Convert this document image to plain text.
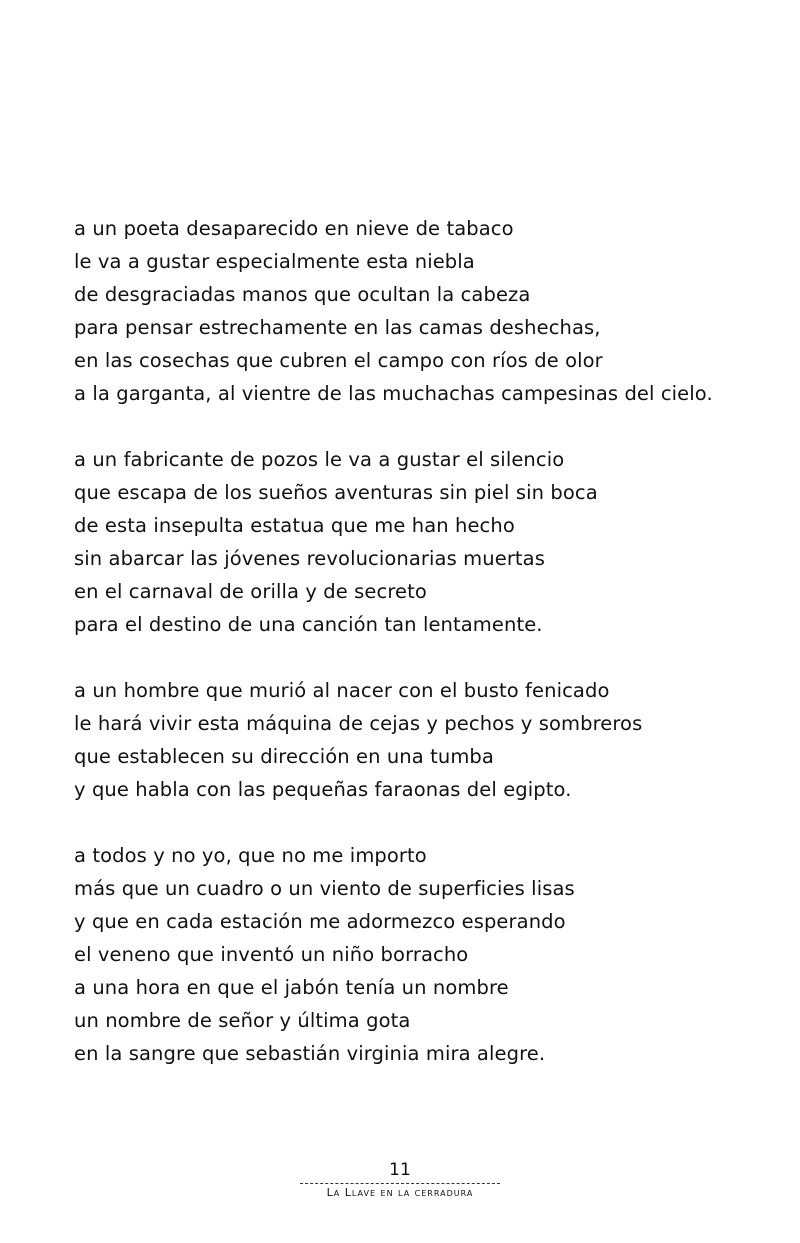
a un poeta desaparecido en nieve de tabaco
le va a gustar especialmente esta niebla
de desgraciadas manos que ocultan la cabeza
para pensar estrechamente en las camas deshechas,
en las cosechas que cubren el campo con ríos de olor
a la garganta, al vientre de las muchachas campesinas del cielo.
a un fabricante de pozos le va a gustar el silencio
que escapa de los sueños aventuras sin piel sin boca
de esta insepulta estatua que me han hecho
sin abarcar las jóvenes revolucionarias muertas
en el carnaval de orilla y de secreto
para el destino de una canción tan lentamente.
a un hombre que murió al nacer con el busto fenicado
le hará vivir esta máquina de cejas y pechos y sombreros
que establecen su dirección en una tumba
y que habla con las pequeñas faraonas del egipto.
a todos y no yo, que no me importo
más que un cuadro o un viento de superficies lisas
y que en cada estación me adormezco esperando
el veneno que inventó un niño borracho
a una hora en que el jabón tenía un nombre
un nombre de señor y última gota
en la sangre que sebastián virginia mira alegre.
11
La Llave en la cerradura
